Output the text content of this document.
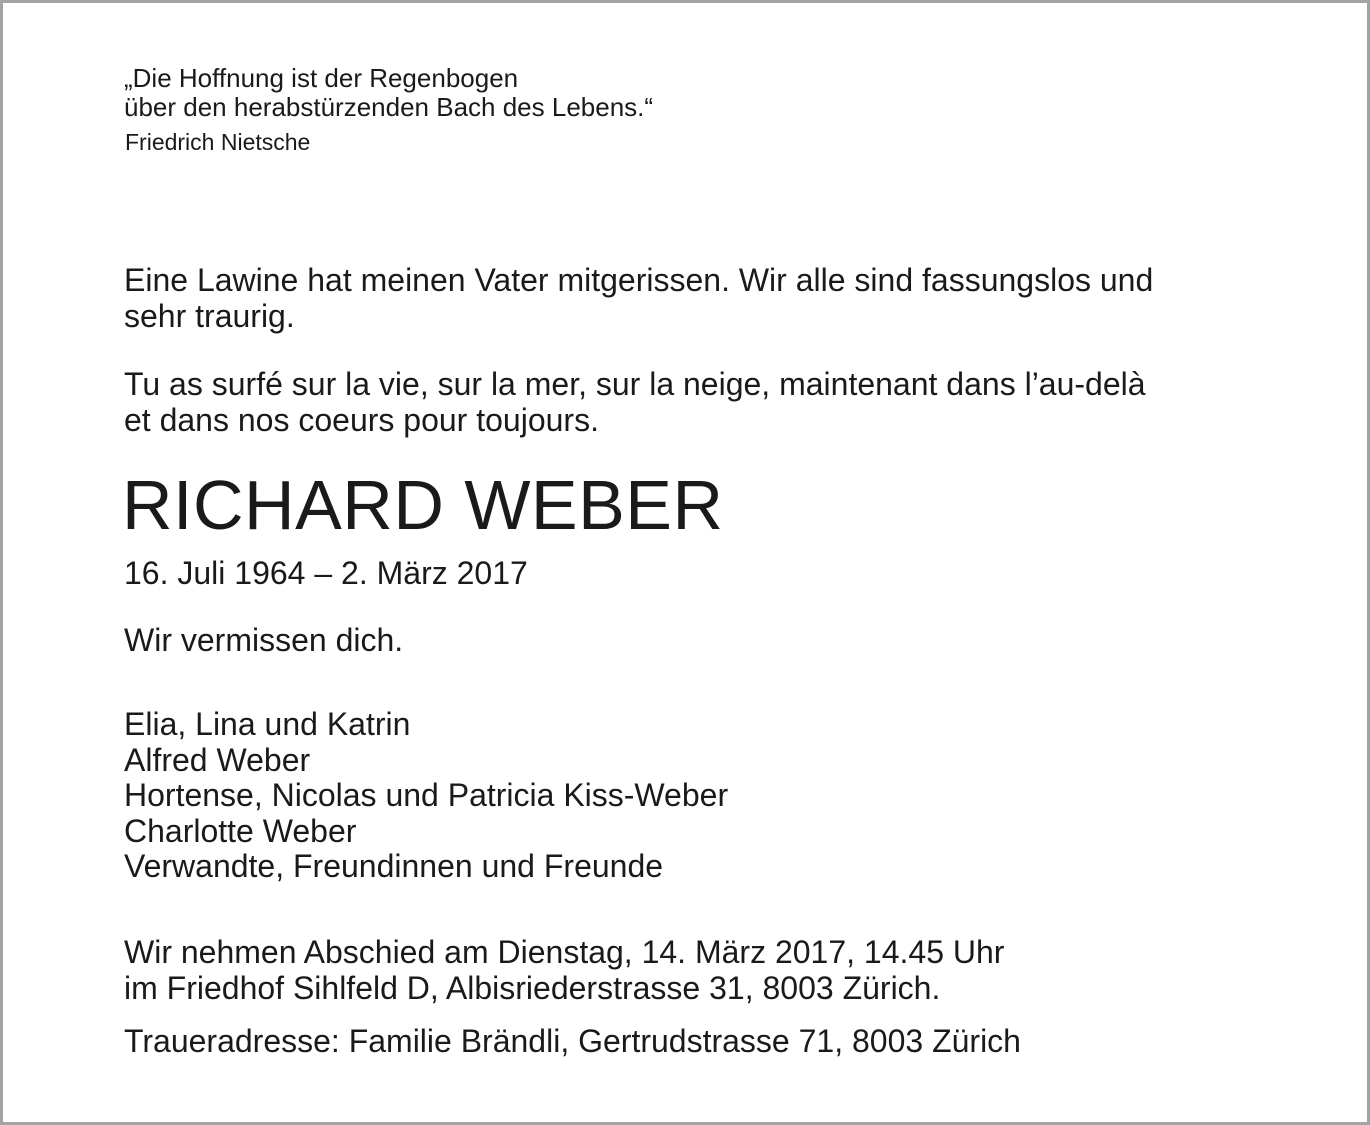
„Die Hoffnung ist der Regenbogen
über den herabstürzenden Bach des Lebens.“
Friedrich Nietsche
Eine Lawine hat meinen Vater mitgerissen. Wir alle sind fassungslos und
sehr traurig.
Tu as surfé sur la vie, sur la mer, sur la neige, maintenant dans l’au-delà
et dans nos coeurs pour toujours.
RICHARD WEBER
16. Juli 1964 – 2. März 2017
Wir vermissen dich.
Elia, Lina und Katrin
Alfred Weber
Hortense, Nicolas und Patricia Kiss-Weber
Charlotte Weber
Verwandte, Freundinnen und Freunde
Wir nehmen Abschied am Dienstag, 14. März 2017, 14.45 Uhr
im Friedhof Sihlfeld D, Albisriederstrasse 31, 8003 Zürich.
Traueradresse: Familie Brändli, Gertrudstrasse 71, 8003 Zürich
